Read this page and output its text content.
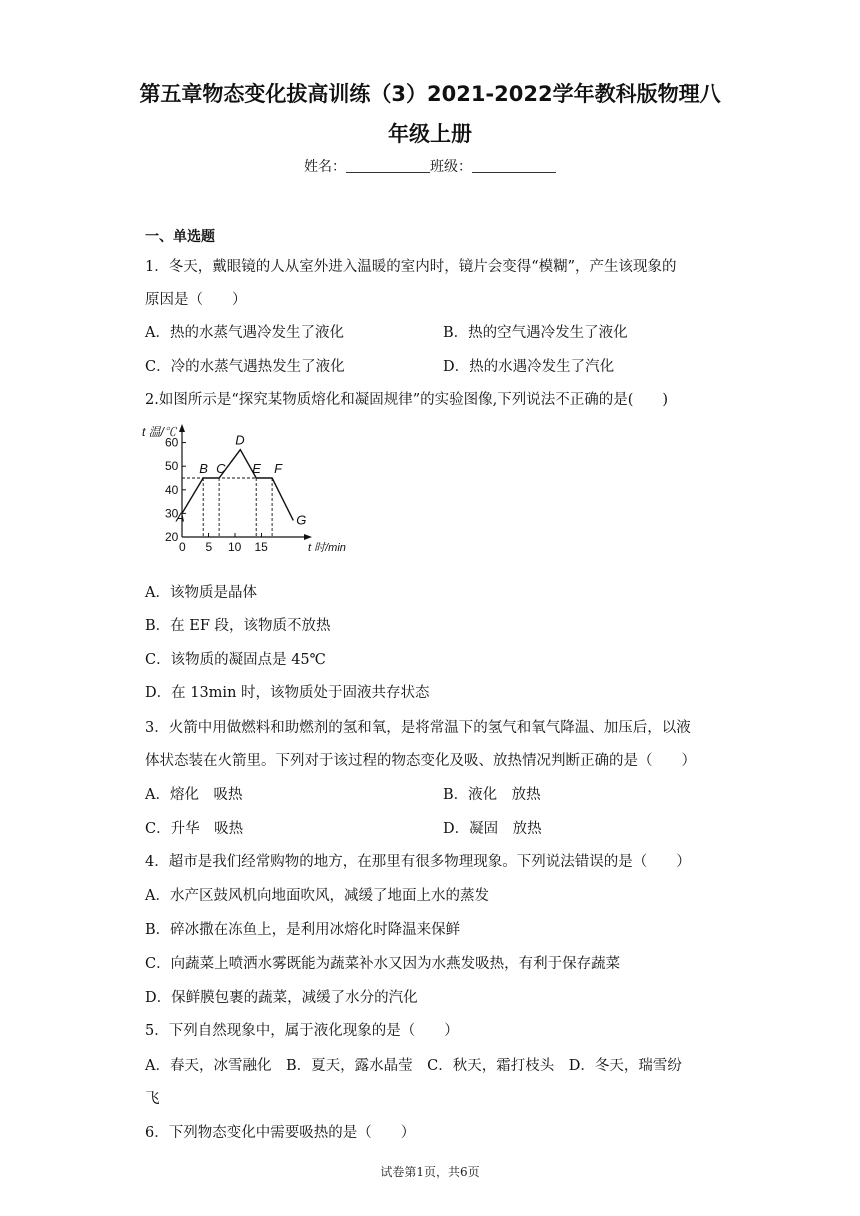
第五章物态变化拔高训练（3）2021-2022学年教科版物理八
年级上册
姓名：	班级：
一、单选题
1．冬天，戴眼镜的人从室外进入温暖的室内时，镜片会变得“模糊”，产生该现象的
原因是（　　）
A．热的水蒸气遇冷发生了液化	B．热的空气遇冷发生了液化
C．冷的水蒸气遇热发生了液化	D．热的水遇冷发生了汽化
2.如图所示是“探究某物质熔化和凝固规律”的实验图像,下列说法不正确的是(　　)
t 温/℃
t 时/min
20
30
40
50
60
0 5 10 15
A
B C
D
E F
G
A．该物质是晶体
B．在 EF 段，该物质不放热
C．该物质的凝固点是 45℃
D．在 13min 时，该物质处于固液共存状态
3．火箭中用做燃料和助燃剂的氢和氧，是将常温下的氢气和氧气降温、加压后，以液
体状态装在火箭里。下列对于该过程的物态变化及吸、放热情况判断正确的是（　　）
A．熔化　吸热	B．液化　放热
C．升华　吸热	D．凝固　放热
4．超市是我们经常购物的地方，在那里有很多物理现象。下列说法错误的是（　　）
A．水产区鼓风机向地面吹风，减缓了地面上水的蒸发
B．碎冰撒在冻鱼上，是利用冰熔化时降温来保鲜
C．向蔬菜上喷洒水雾既能为蔬菜补水又因为水燕发吸热，有利于保存蔬菜
D．保鲜膜包裹的蔬菜，减缓了水分的汽化
5．下列自然现象中，属于液化现象的是（　　）
A．春天，冰雪融化　B．夏天，露水晶莹　C．秋天，霜打枝头　D．冬天，瑞雪纷
飞
6．下列物态变化中需要吸热的是（　　）
试卷第1页，共6页
